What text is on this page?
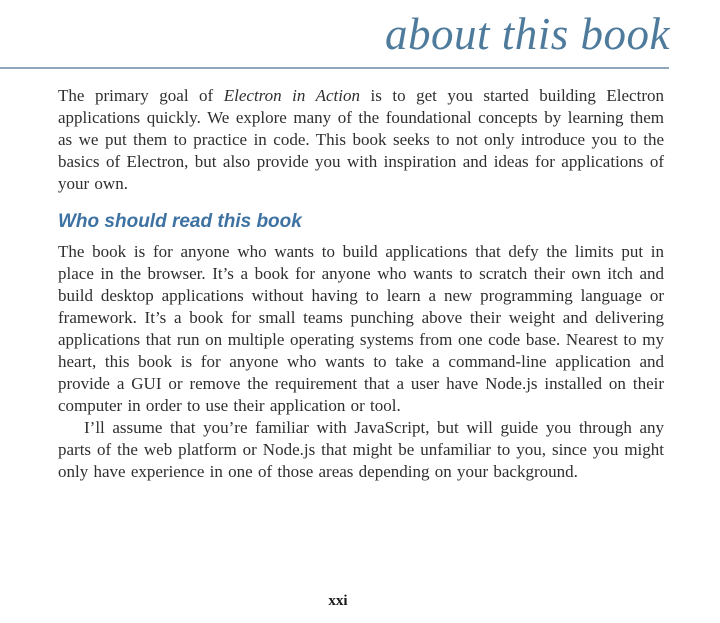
about this book

The primary goal of Electron in Action is to get you started building Electron applications quickly. We explore many of the foundational concepts by learning them as we put them to practice in code. This book seeks to not only introduce you to the basics of Electron, but also provide you with inspiration and ideas for applications of your own.

Who should read this book

The book is for anyone who wants to build applications that defy the limits put in place in the browser. It’s a book for anyone who wants to scratch their own itch and build desktop applications without having to learn a new programming language or framework. It’s a book for small teams punching above their weight and delivering applications that run on multiple operating systems from one code base. Nearest to my heart, this book is for anyone who wants to take a command-line application and provide a GUI or remove the requirement that a user have Node.js installed on their computer in order to use their application or tool.

I’ll assume that you’re familiar with JavaScript, but will guide you through any parts of the web platform or Node.js that might be unfamiliar to you, since you might only have experience in one of those areas depending on your background.

xxi
